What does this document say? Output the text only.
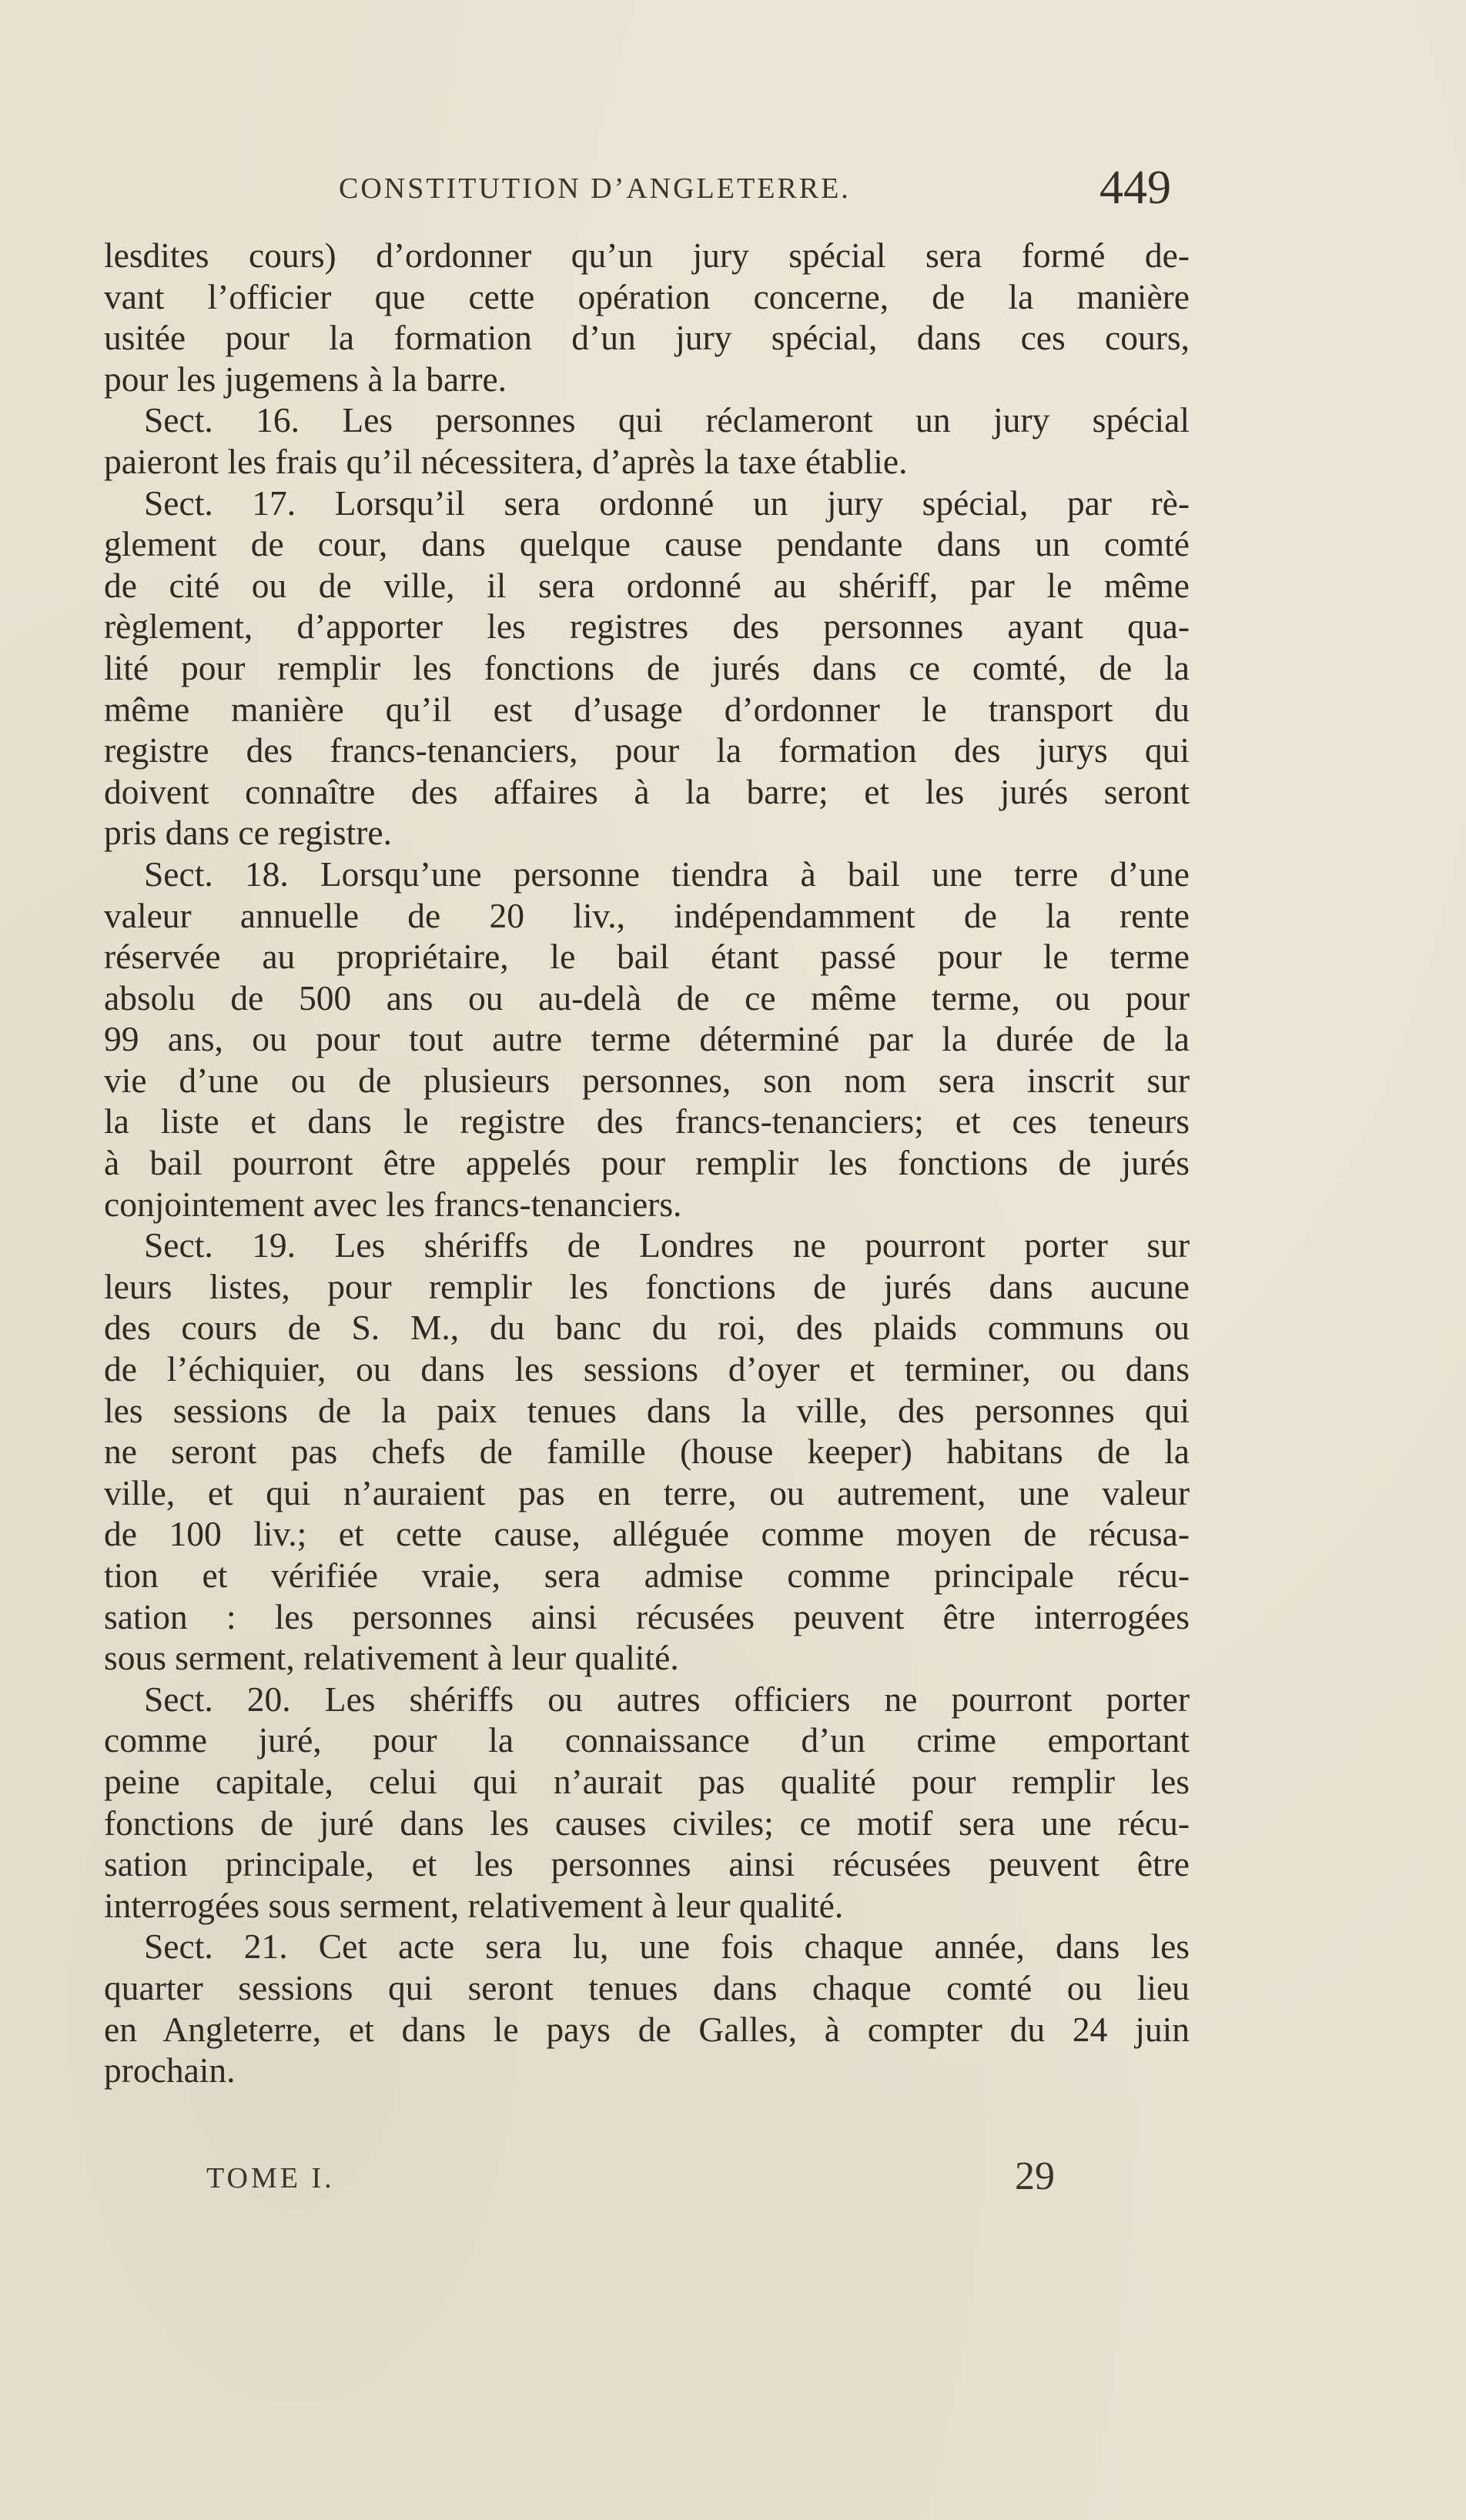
CONSTITUTION D’ANGLETERRE.	449
lesdites cours) d’ordonner qu’un jury spécial sera formé de-
vant l’officier que cette opération concerne, de la manière
usitée pour la formation d’un jury spécial, dans ces cours,
pour les jugemens à la barre.
Sect. 16. Les personnes qui réclameront un jury spécial
paieront les frais qu’il nécessitera, d’après la taxe établie.
Sect. 17. Lorsqu’il sera ordonné un jury spécial, par rè-
glement de cour, dans quelque cause pendante dans un comté
de cité ou de ville, il sera ordonné au shériff, par le même
règlement, d’apporter les registres des personnes ayant qua-
lité pour remplir les fonctions de jurés dans ce comté, de la
même manière qu’il est d’usage d’ordonner le transport du
registre des francs-tenanciers, pour la formation des jurys qui
doivent connaître des affaires à la barre; et les jurés seront
pris dans ce registre.
Sect. 18. Lorsqu’une personne tiendra à bail une terre d’une
valeur annuelle de 20 liv., indépendamment de la rente
réservée au propriétaire, le bail étant passé pour le terme
absolu de 500 ans ou au-delà de ce même terme, ou pour
99 ans, ou pour tout autre terme déterminé par la durée de la
vie d’une ou de plusieurs personnes, son nom sera inscrit sur
la liste et dans le registre des francs-tenanciers; et ces teneurs
à bail pourront être appelés pour remplir les fonctions de jurés
conjointement avec les francs-tenanciers.
Sect. 19. Les shériffs de Londres ne pourront porter sur
leurs listes, pour remplir les fonctions de jurés dans aucune
des cours de S. M., du banc du roi, des plaids communs ou
de l’échiquier, ou dans les sessions d’oyer et terminer, ou dans
les sessions de la paix tenues dans la ville, des personnes qui
ne seront pas chefs de famille (house keeper) habitans de la
ville, et qui n’auraient pas en terre, ou autrement, une valeur
de 100 liv.; et cette cause, alléguée comme moyen de récusa-
tion et vérifiée vraie, sera admise comme principale récu-
sation : les personnes ainsi récusées peuvent être interrogées
sous serment, relativement à leur qualité.
Sect. 20. Les shériffs ou autres officiers ne pourront porter
comme juré, pour la connaissance d’un crime emportant
peine capitale, celui qui n’aurait pas qualité pour remplir les
fonctions de juré dans les causes civiles; ce motif sera une récu-
sation principale, et les personnes ainsi récusées peuvent être
interrogées sous serment, relativement à leur qualité.
Sect. 21. Cet acte sera lu, une fois chaque année, dans les
quarter sessions qui seront tenues dans chaque comté ou lieu
en Angleterre, et dans le pays de Galles, à compter du 24 juin
prochain.
TOME I.	29
